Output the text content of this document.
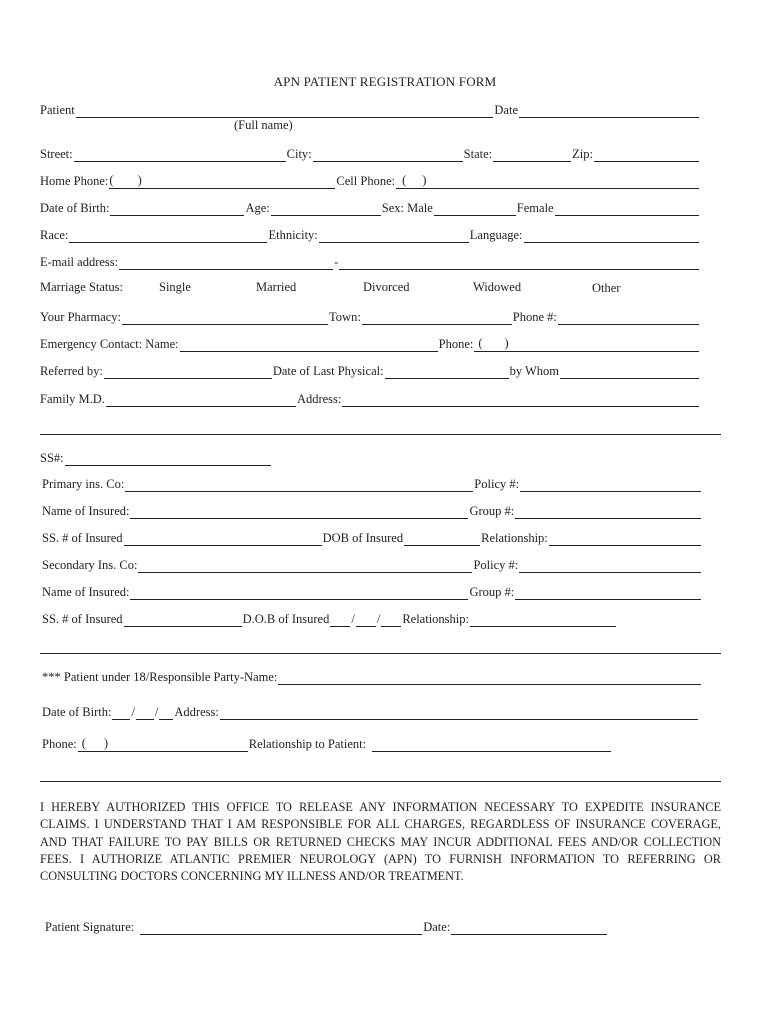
APN PATIENT REGISTRATION FORM
Patient	Date
(Full name)
Street:	City:	State:	Zip:
Home Phone: ( )	Cell Phone: ( )
Date of Birth:	Age:	Sex: Male	Female
Race:	Ethnicity:	Language:
E-mail address:	-
Marriage Status:	Single	Married	Divorced	Widowed	Other
Your Pharmacy:	Town:	Phone #:
Emergency Contact: Name:	Phone: ( )
Referred by:	Date of Last Physical:	by Whom
Family M.D.	Address:
SS#:
Primary ins. Co:	Policy #:
Name of Insured:	Group #:
SS. # of Insured	DOB of Insured	Relationship:
Secondary Ins. Co:	Policy #:
Name of Insured:	Group #:
SS. # of Insured	D.O.B of Insured / / Relationship:
*** Patient under 18/Responsible Party-Name:
Date of Birth: / / Address:
Phone: ( )	Relationship to Patient:
I HEREBY AUTHORIZED THIS OFFICE TO RELEASE ANY INFORMATION NECESSARY TO EXPEDITE INSURANCE CLAIMS. I UNDERSTAND THAT I AM RESPONSIBLE FOR ALL CHARGES, REGARDLESS OF INSURANCE COVERAGE, AND THAT FAILURE TO PAY BILLS OR RETURNED CHECKS MAY INCUR ADDITIONAL FEES AND/OR COLLECTION FEES. I AUTHORIZE ATLANTIC PREMIER NEUROLOGY (APN) TO FURNISH INFORMATION TO REFERRING OR CONSULTING DOCTORS CONCERNING MY ILLNESS AND/OR TREATMENT.
Patient Signature:	Date :
